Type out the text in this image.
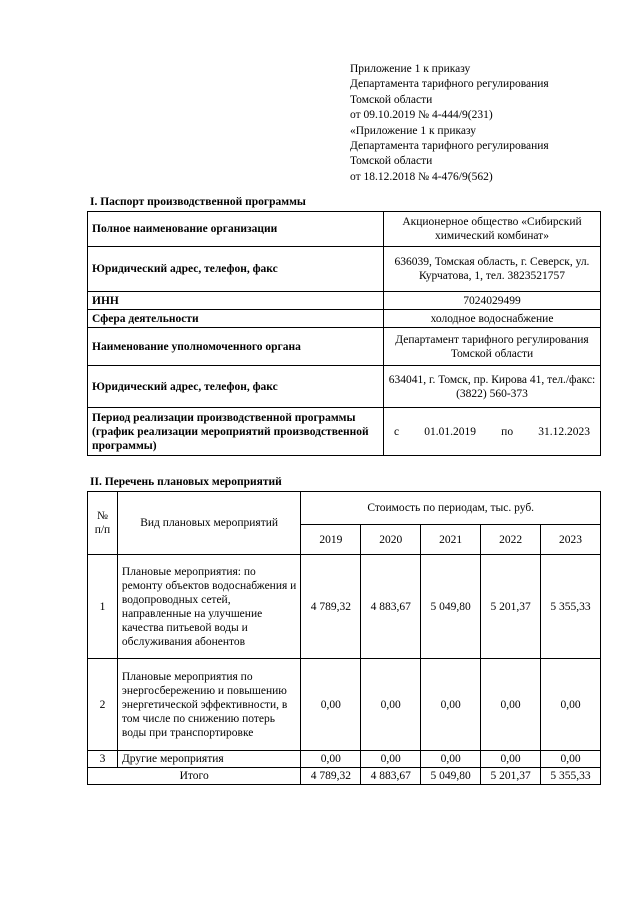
Приложение 1 к приказу
Департамента тарифного регулирования
Томской области
от 09.10.2019 № 4-444/9(231)
«Приложение 1 к приказу
Департамента тарифного регулирования
Томской области
от 18.12.2018 № 4-476/9(562)
I. Паспорт производственной программы
Полное наименование организации	Акционерное общество «Сибирский химический комбинат»
Юридический адрес, телефон, факс	636039, Томская область, г. Северск, ул. Курчатова, 1, тел. 3823521757
ИНН	7024029499
Сфера деятельности	холодное водоснабжение
Наименование уполномоченного органа	Департамент тарифного регулирования Томской области
Юридический адрес, телефон, факс	634041, г. Томск, пр. Кирова 41, тел./факс: (3822) 560-373
Период реализации производственной программы (график реализации мероприятий производственной программы)	с 01.01.2019 по 31.12.2023
II. Перечень плановых мероприятий
№ п/п	Вид плановых мероприятий	Стоимость по периодам, тыс. руб.				
		2019	2020	2021	2022	2023
1	Плановые мероприятия: по ремонту объектов водоснабжения и водопроводных сетей, направленные на улучшение качества питьевой воды и обслуживания абонентов	4 789,32	4 883,67	5 049,80	5 201,37	5 355,33
2	Плановые мероприятия по энергосбережению и повышению энергетической эффективности, в том числе по снижению потерь воды при транспортировке	0,00	0,00	0,00	0,00	0,00
3	Другие мероприятия	0,00	0,00	0,00	0,00	0,00
Итого		4 789,32	4 883,67	5 049,80	5 201,37	5 355,33
